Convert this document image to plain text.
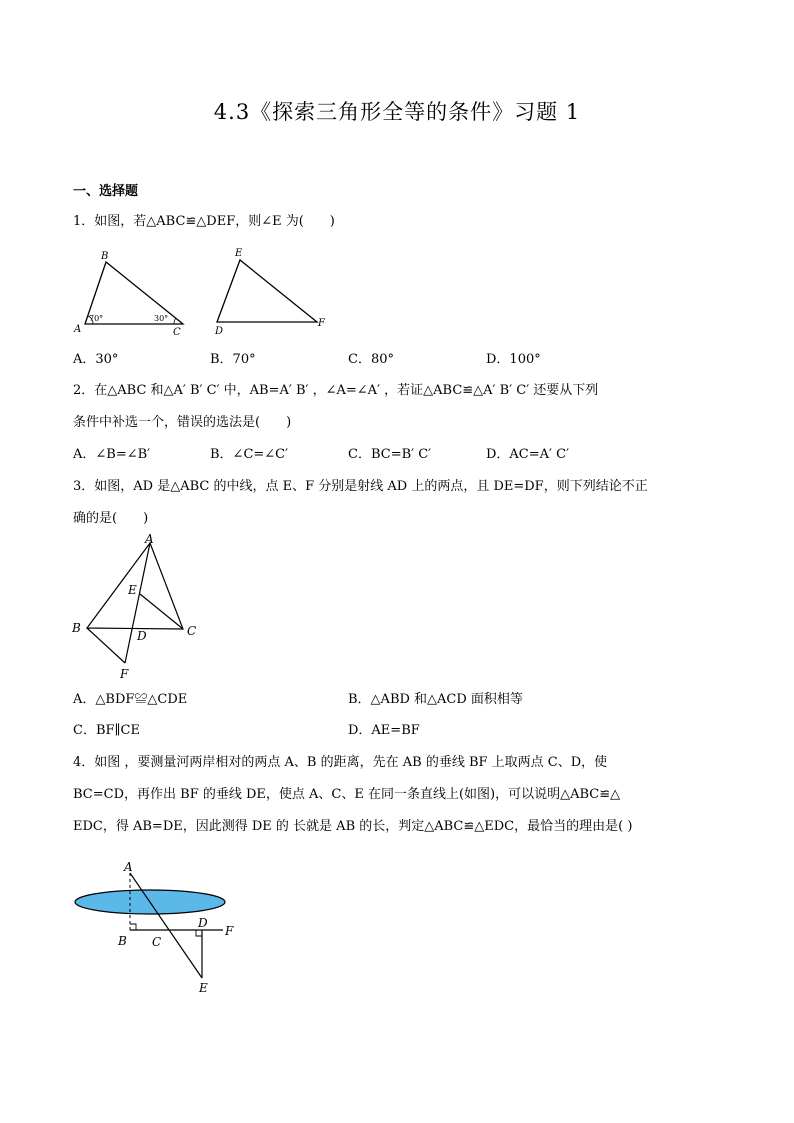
4.3《探索三角形全等的条件》习题 1
一、选择题
1．如图，若△ABC≌△DEF，则∠E 为(　　)
A
B
C
70°	30°
D
E
F
A．30°	B．70°	C．80°	D．100°
2．在△ABC 和△A′ B′ C′ 中，AB=A′ B′ ，∠A=∠A′ ，若证△ABC≌△A′ B′ C′ 还要从下列
条件中补选一个，错误的选法是(　　)
A．∠B=∠B′	B．∠C=∠C′	C．BC=B′ C′	D．AC=A′ C′
3．如图，AD 是△ABC 的中线，点 E、F 分别是射线 AD 上的两点，且 DE=DF，则下列结论不正
确的是(　　)
A
B	C
D
E
F
A．△BDF≌△CDE	B．△ABD 和△ACD 面积相等
C．BF∥CE	D．AE=BF
4．如图 ，要测量河两岸相对的两点 A、B 的距离，先在 AB 的垂线 BF 上取两点 C、D，使
BC=CD，再作出 BF 的垂线 DE，使点 A、C、E 在同一条直线上(如图)，可以说明△ABC≌△
EDC，得 AB=DE，因此测得 DE 的 长就是 AB 的长，判定△ABC≌△EDC，最恰当的理由是( )
A
B C
D
E
F
